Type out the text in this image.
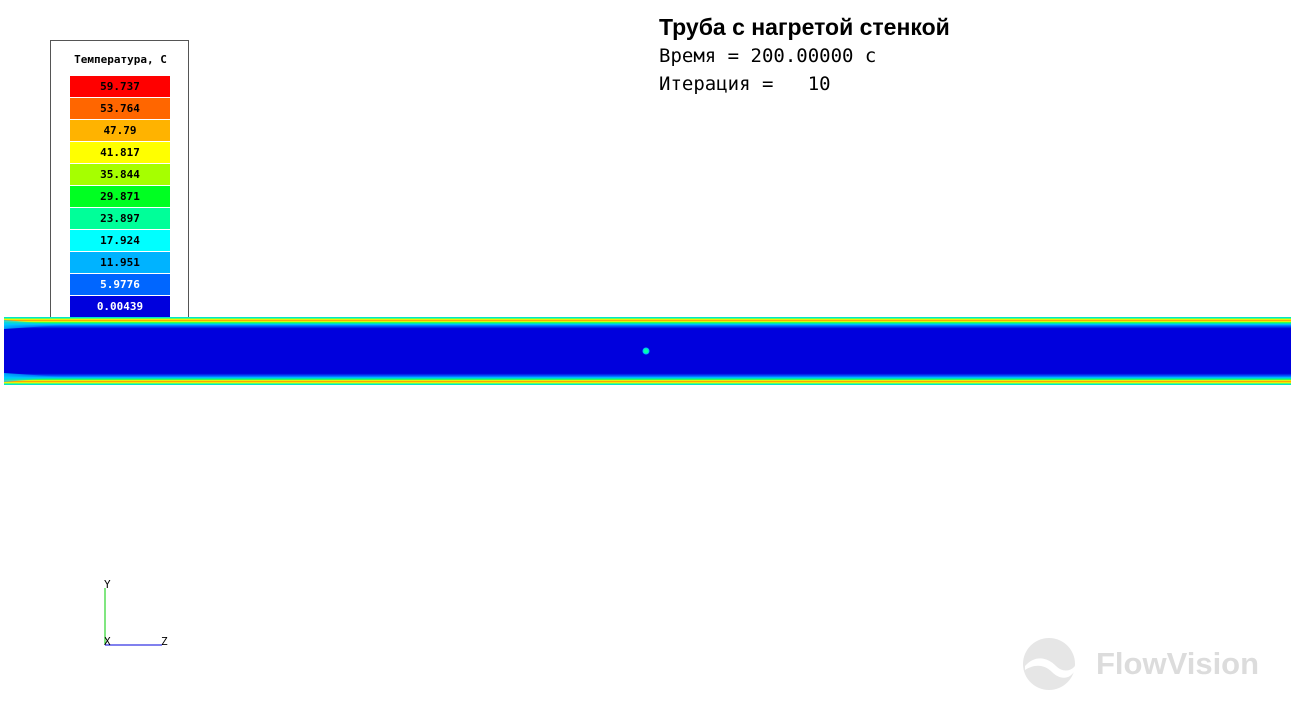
Труба с нагретой стенкой
Время = 200.00000 с
Итерация =   10
Температура, С
59.737
53.764
47.79
41.817
35.844
29.871
23.897
17.924
11.951
5.9776
0.00439
Y
X	Z
FlowVision
